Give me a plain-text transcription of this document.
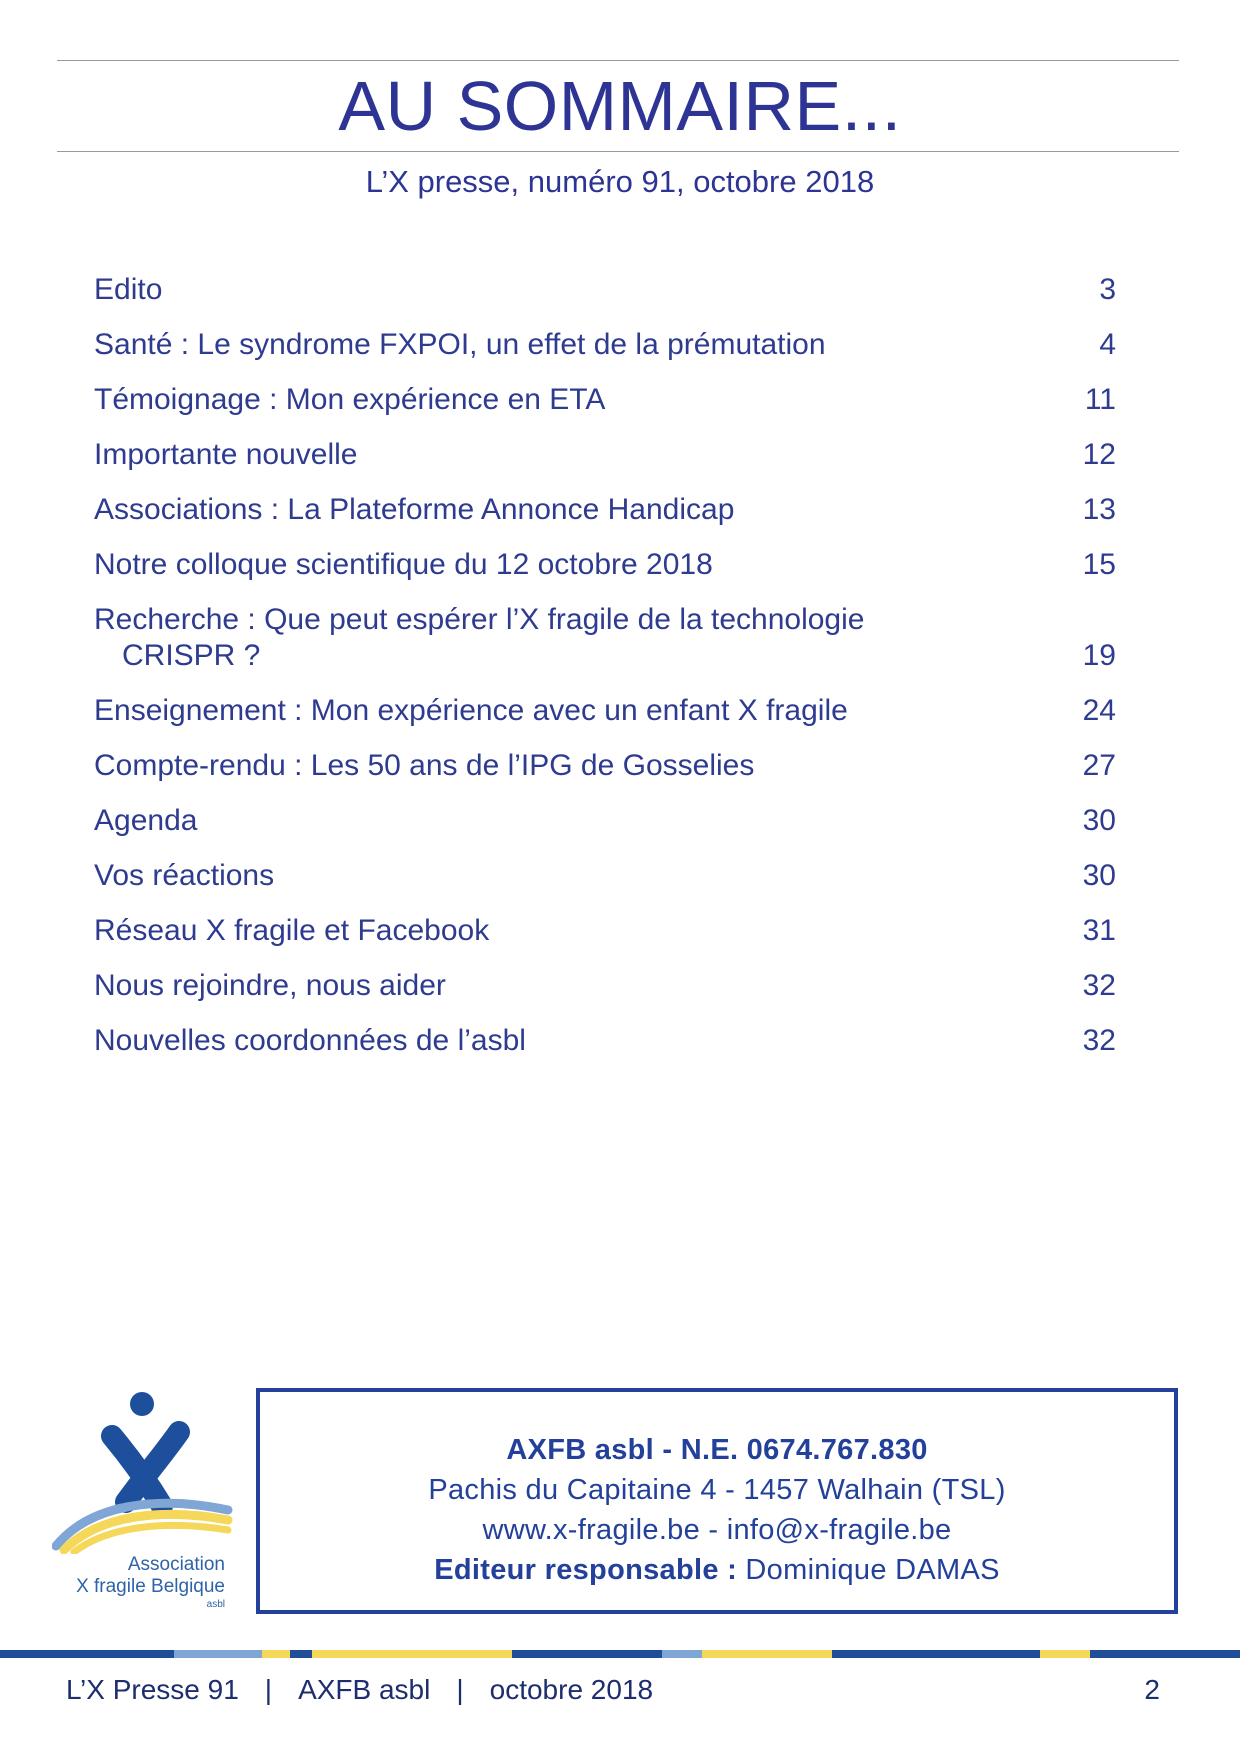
AU SOMMAIRE...
L’X presse, numéro 91, octobre 2018
Edito	3
Santé : Le syndrome FXPOI, un effet de la prémutation	4
Témoignage : Mon expérience en ETA	11
Importante nouvelle	12
Associations : La Plateforme Annonce Handicap	13
Notre colloque scientifique du 12 octobre 2018	15
Recherche : Que peut espérer l’X fragile de la technologie
CRISPR ?	19
Enseignement : Mon expérience avec un enfant X fragile	24
Compte-rendu : Les 50 ans de l’IPG de Gosselies	27
Agenda	30
Vos réactions	30
Réseau X fragile et Facebook	31
Nous rejoindre, nous aider	32
Nouvelles coordonnées de l’asbl	32
Association
X fragile Belgique
asbl
AXFB asbl - N.E. 0674.767.830
Pachis du Capitaine 4 - 1457 Walhain (TSL)
www.x-fragile.be - info@x-fragile.be
Editeur responsable : Dominique DAMAS
L’X Presse 91 | AXFB asbl | octobre 2018	2
